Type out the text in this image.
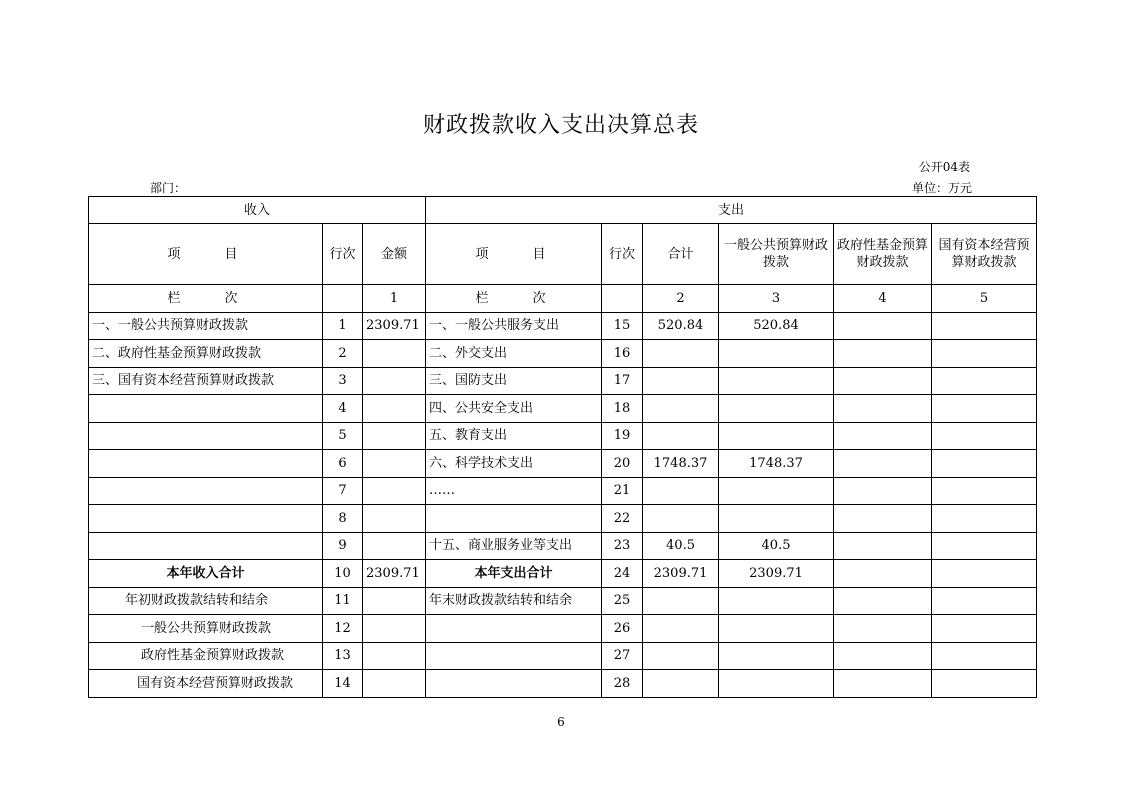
财政拨款收入支出决算总表
公开04表
部门：	单位：万元
收入			支出					
项　　目	行次	金额	项　　目	行次	合计	一般公共预算财政拨款	政府性基金预算财政拨款	国有资本经营预算财政拨款
栏　　次		1	栏　　次		2	3	4	5
一、一般公共预算财政拨款	1	2309.71	一、一般公共服务支出	15	520.84	520.84		
二、政府性基金预算财政拨款	2		二、外交支出	16				
三、国有资本经营预算财政拨款	3		三、国防支出	17				
	4		四、公共安全支出	18				
	5		五、教育支出	19				
	6		六、科学技术支出	20	1748.37	1748.37		
	7		……	21				
	8			22				
	9		十五、商业服务业等支出	23	40.5	40.5		
本年收入合计	10	2309.71	本年支出合计	24	2309.71	2309.71		
年初财政拨款结转和结余	11		年末财政拨款结转和结余	25				
一般公共预算财政拨款	12			26				
政府性基金预算财政拨款	13			27				
国有资本经营预算财政拨款	14			28				
6
